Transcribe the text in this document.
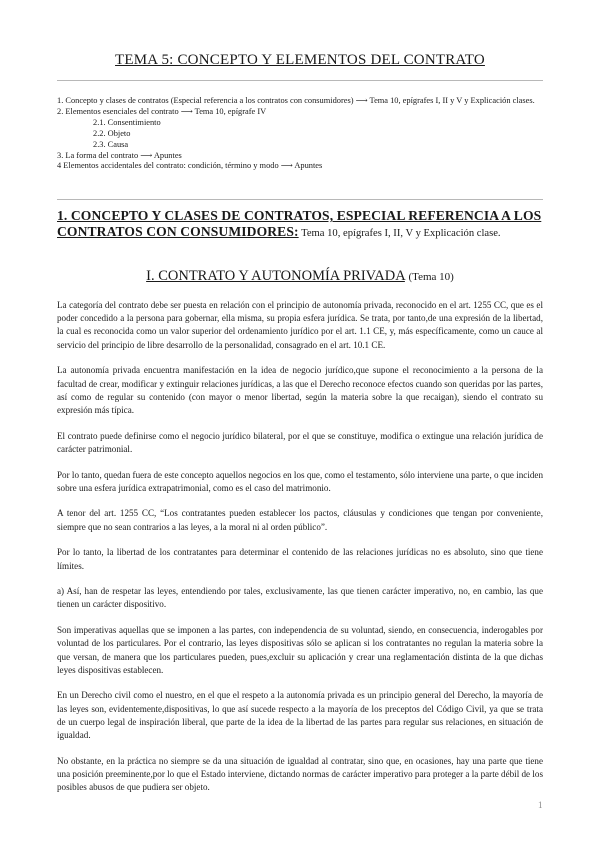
TEMA 5: CONCEPTO Y ELEMENTOS DEL CONTRATO
1. Concepto y clases de contratos (Especial referencia a los contratos con consumidores) ⟶ Tema 10, epígrafes I, II y V y Explicación clases.
2. Elementos esenciales del contrato ⟶ Tema 10, epígrafe IV
2.1. Consentimiento
2.2. Objeto
2.3. Causa
3. La forma del contrato ⟶ Apuntes
4 Elementos accidentales del contrato: condición, término y modo ⟶ Apuntes
1. CONCEPTO Y CLASES DE CONTRATOS, ESPECIAL REFERENCIA A LOS CONTRATOS CON CONSUMIDORES: Tema 10, epígrafes I, II, V y Explicación clase.
I. CONTRATO Y AUTONOMÍA PRIVADA (Tema 10)

La categoría del contrato debe ser puesta en relación con el principio de autonomía privada, reconocido en el art. 1255 CC, que es el poder concedido a la persona para gobernar, ella misma, su propia esfera jurídica. Se trata, por tanto,de una expresión de la libertad, la cual es reconocida como un valor superior del ordenamiento jurídico por el art. 1.1 CE, y, más específicamente, como un cauce al servicio del principio de libre desarrollo de la personalidad, consagrado en el art. 10.1 CE.

La autonomía privada encuentra manifestación en la idea de negocio jurídico,que supone el reconocimiento a la persona de la facultad de crear, modificar y extinguir relaciones jurídicas, a las que el Derecho reconoce efectos cuando son queridas por las partes, así como de regular su contenido (con mayor o menor libertad, según la materia sobre la que recaigan), siendo el contrato su expresión más típica.

El contrato puede definirse como el negocio jurídico bilateral, por el que se constituye, modifica o extingue una relación jurídica de carácter patrimonial.

Por lo tanto, quedan fuera de este concepto aquellos negocios en los que, como el testamento, sólo interviene una parte, o que inciden sobre una esfera jurídica extrapatrimonial, como es el caso del matrimonio.

A tenor del art. 1255 CC, “Los contratantes pueden establecer los pactos, cláusulas y condiciones que tengan por conveniente, siempre que no sean contrarios a las leyes, a la moral ni al orden público”.

Por lo tanto, la libertad de los contratantes para determinar el contenido de las relaciones jurídicas no es absoluto, sino que tiene límites.

a) Así, han de respetar las leyes, entendiendo por tales, exclusivamente, las que tienen carácter imperativo, no, en cambio, las que tienen un carácter dispositivo.

Son imperativas aquellas que se imponen a las partes, con independencia de su voluntad, siendo, en consecuencia, inderogables por voluntad de los particulares. Por el contrario, las leyes dispositivas sólo se aplican si los contratantes no regulan la materia sobre la que versan, de manera que los particulares pueden, pues,excluir su aplicación y crear una reglamentación distinta de la que dichas leyes dispositivas establecen.

En un Derecho civil como el nuestro, en el que el respeto a la autonomía privada es un principio general del Derecho, la mayoría de las leyes son, evidentemente,dispositivas, lo que así sucede respecto a la mayoría de los preceptos del Código Civil, ya que se trata de un cuerpo legal de inspiración liberal, que parte de la idea de la libertad de las partes para regular sus relaciones, en situación de igualdad.

No obstante, en la práctica no siempre se da una situación de igualdad al contratar, sino que, en ocasiones, hay una parte que tiene una posición preeminente,por lo que el Estado interviene, dictando normas de carácter imperativo para proteger a la parte débil de los posibles abusos de que pudiera ser objeto.

1
